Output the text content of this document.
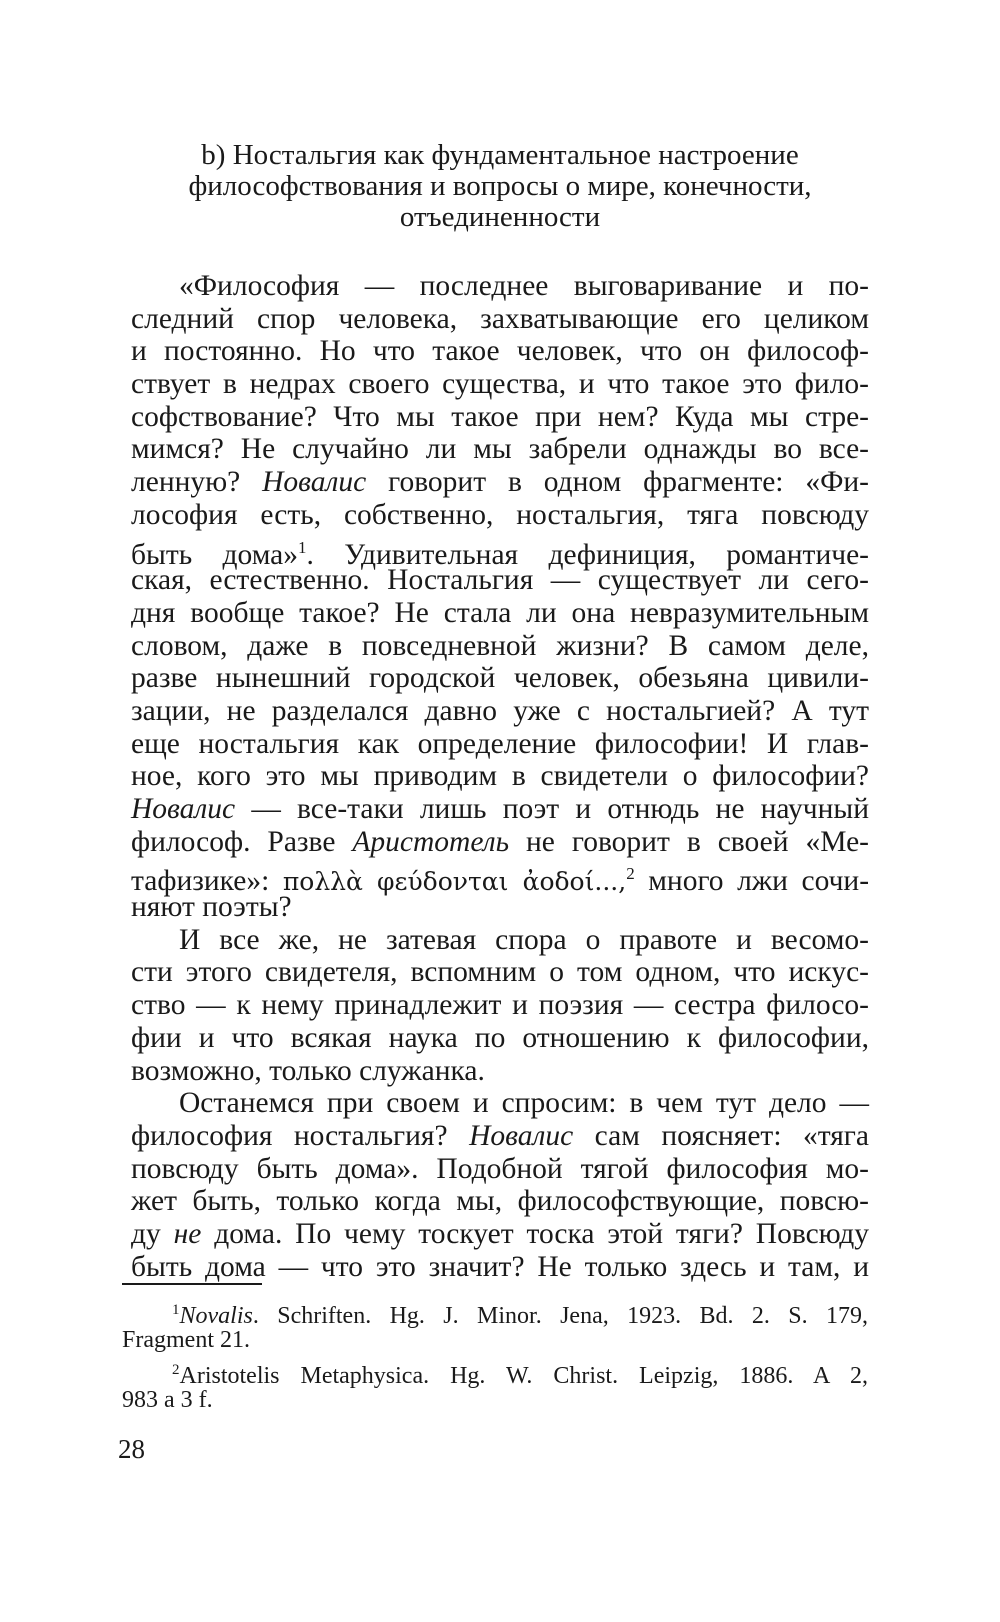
b) Ностальгия как фундаментальное настроение
философствования и вопросы о мире, конечности,
отъединенности
«Философия — последнее выговаривание и по-
следний спор человека, захватывающие его целиком
и постоянно. Но что такое человек, что он философ-
ствует в недрах своего существа, и что такое это фило-
софствование? Что мы такое при нем? Куда мы стре-
мимся? Не случайно ли мы забрели однажды во все-
ленную? Новалис говорит в одном фрагменте: «Фи-
лософия есть, собственно, ностальгия, тяга повсюду
быть дома»$^1$. Удивительная дефиниция, романтиче-
ская, естественно. Ностальгия — существует ли сего-
дня вообще такое? Не стала ли она невразумительным
словом, даже в повседневной жизни? В самом деле,
разве нынешний городской человек, обезьяна цивили-
зации, не разделался давно уже с ностальгией? А тут
еще ностальгия как определение философии! И глав-
ное, кого это мы приводим в свидетели о философии?
Новалис — все-таки лишь поэт и отнюдь не научный
философ. Разве Аристотель не говорит в своей «Ме-
тафизике»: πολλὰ φεύδονται ἀοδοί...,$^2$ много лжи сочи-
няют поэты?
И все же, не затевая спора о правоте и весомо-
сти этого свидетеля, вспомним о том одном, что искус-
ство — к нему принадлежит и поэзия — сестра филосо-
фии и что всякая наука по отношению к философии,
возможно, только служанка.
Останемся при своем и спросим: в чем тут дело —
философия ностальгия? Новалис сам поясняет: «тяга
повсюду быть дома». Подобной тягой философия мо-
жет быть, только когда мы, философствующие, повсю-
ду не дома. По чему тоскует тоска этой тяги? Повсюду
быть дома — что это значит? Не только здесь и там, и
$^1$Novalis. Schriften. Hg. J. Minor. Jena, 1923. Bd. 2. S. 179,
Fragment 21.
$^2$Aristotelis Metaphysica. Hg. W. Christ. Leipzig, 1886. A 2,
983 a 3 f.
28
